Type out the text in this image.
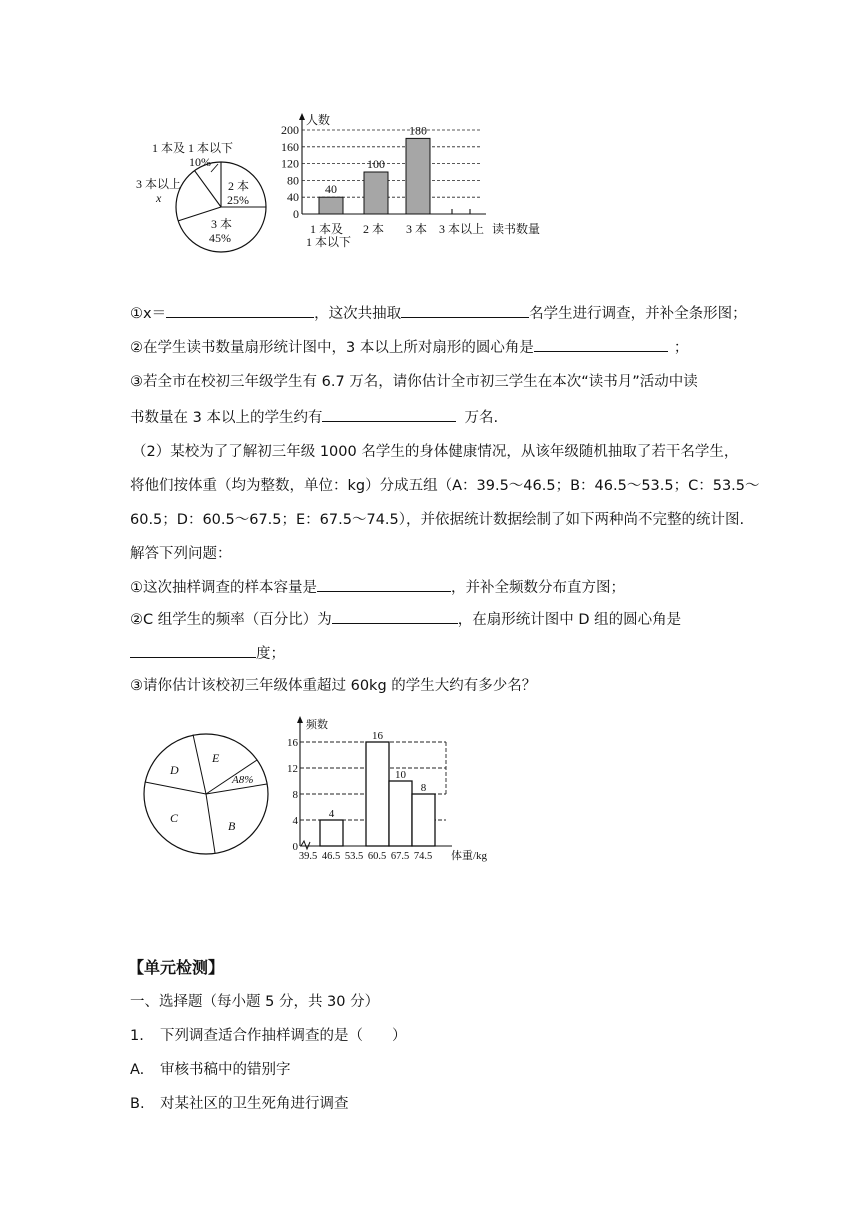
1 本及 1 本以下
10%
3 本以上
x
2 本
25%
3 本
45%
人数
读书数量
0
40
80
120
160
200
40
100
180
1 本及
1 本以下
2 本 3 本 3 本以上
①x＝	，这次共抽取	名学生进行调查，并补全条形图；
②在学生读书数量扇形统计图中，3 本以上所对扇形的圆心角是	；
③若全市在校初三年级学生有 6.7 万名，请你估计全市初三学生在本次“读书月”活动中读
书数量在 3 本以上的学生约有	万名.
（2）某校为了了解初三年级 1000 名学生的身体健康情况，从该年级随机抽取了若干名学生，
将他们按体重（均为整数，单位：kg）分成五组（A：39.5～46.5；B：46.5～53.5；C：53.5～
60.5；D：60.5～67.5；E：67.5～74.5），并依据统计数据绘制了如下两种尚不完整的统计图.
解答下列问题：
①这次抽样调查的样本容量是	，并补全频数分布直方图；
②C 组学生的频率（百分比）为	，在扇形统计图中 D 组的圆心角是
度；
③请你估计该校初三年级体重超过 60kg 的学生大约有多少名？
D
E
A8%
C
B
频数
体重/kg
0
4
8
12
16
39.5 46.5 53.5 60.5 67.5 74.5
4
16
10
8
【单元检测】
一、选择题（每小题 5 分，共 30 分）
1. 下列调查适合作抽样调查的是（　　）
A. 审核书稿中的错别字
B. 对某社区的卫生死角进行调查
